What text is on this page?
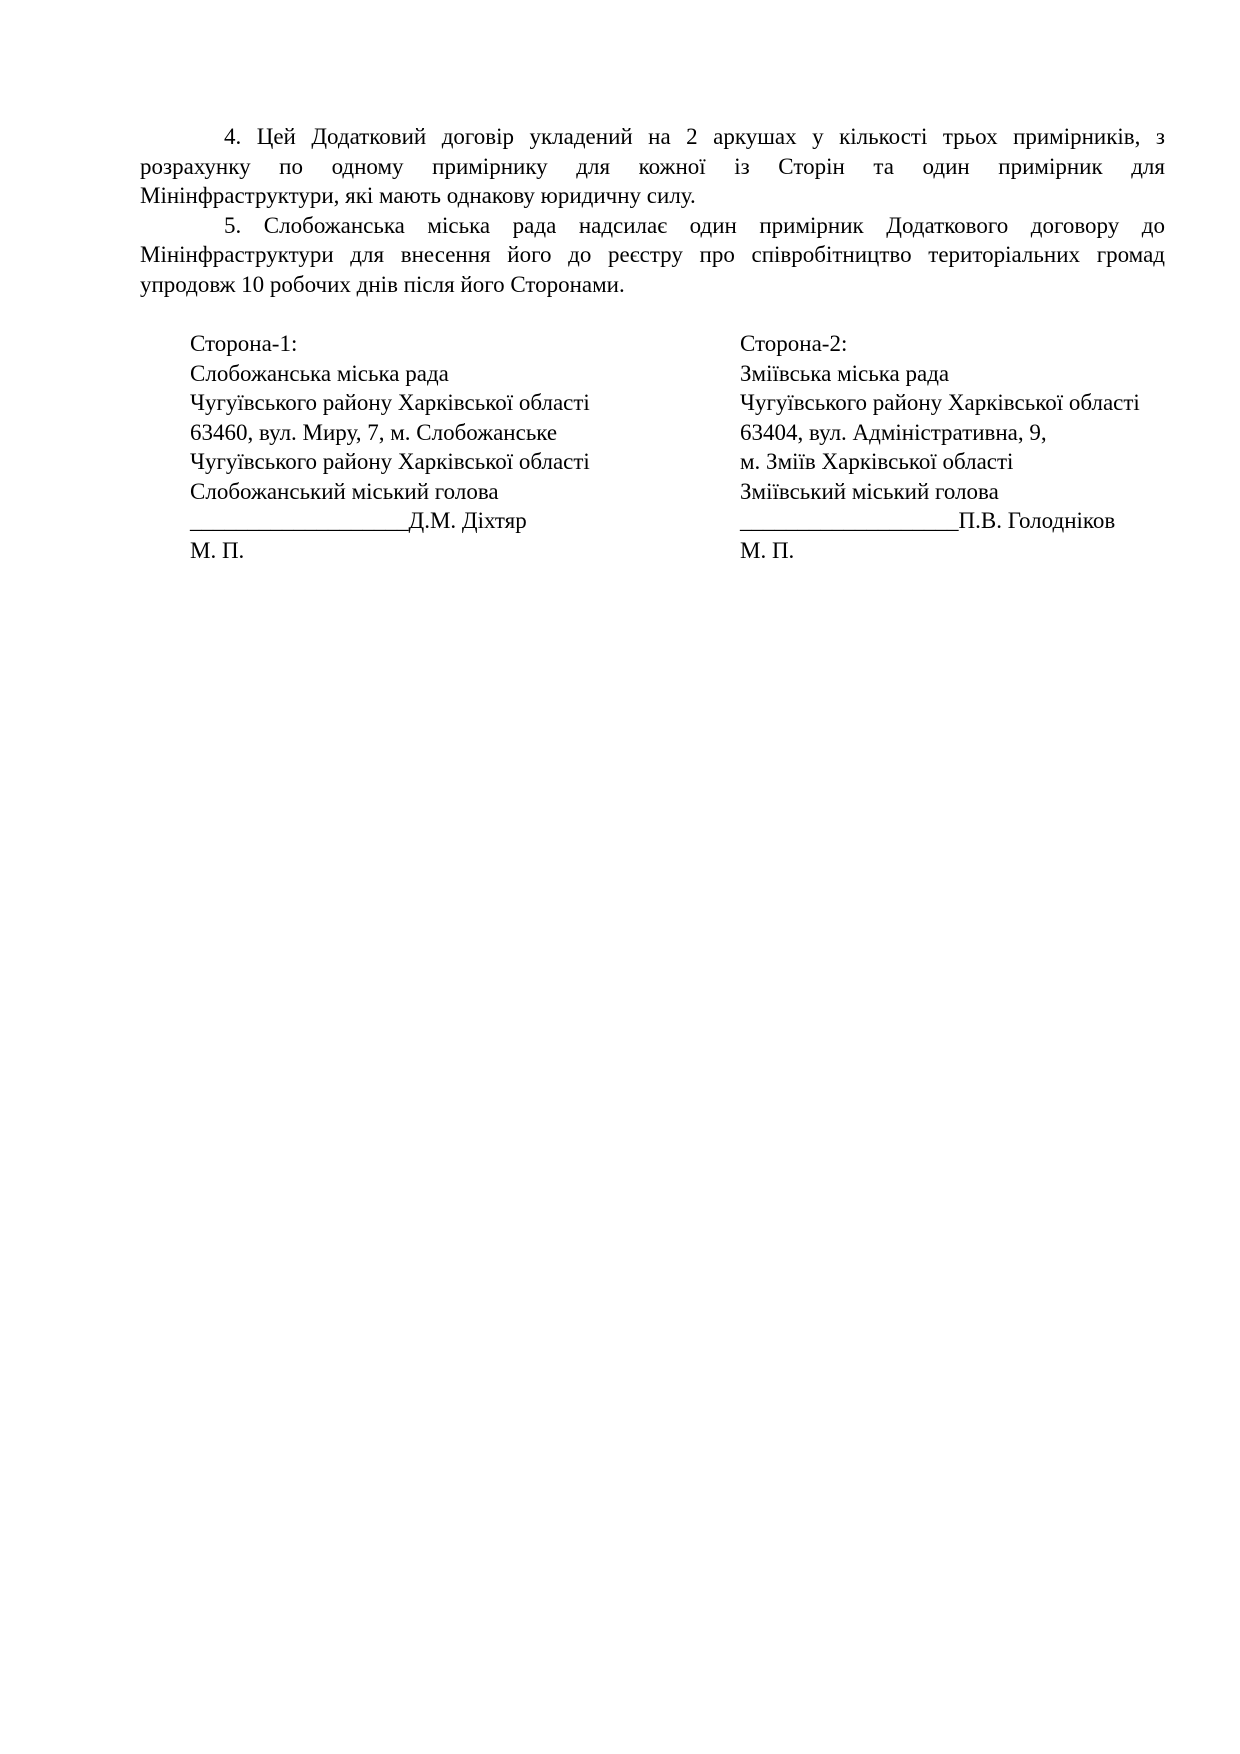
4. Цей Додатковий договір укладений на 2 аркушах у кількості трьох примірників, з
розрахунку по одному примірнику для кожної із Сторін та один примірник для
Мінінфраструктури, які мають однакову юридичну силу.

5. Слобожанська міська рада надсилає один примірник Додаткового договору до
Мінінфраструктури для внесення його до реєстру про співробітництво територіальних громад
упродовж 10 робочих днів після його Сторонами.

Сторона-1:
Слобожанська міська рада
Чугуївського району Харківської області
63460, вул. Миру, 7, м. Слобожанське
Чугуївського району Харківської області
Слобожанський міський голова
___________________Д.М. Діхтяр
М. П.
Сторона-2:
Зміївська міська рада
Чугуївського району Харківської області
63404, вул. Адміністративна, 9,
м. Зміїв Харківської області
Зміївський міський голова
___________________П.В. Голодніков
М. П.
